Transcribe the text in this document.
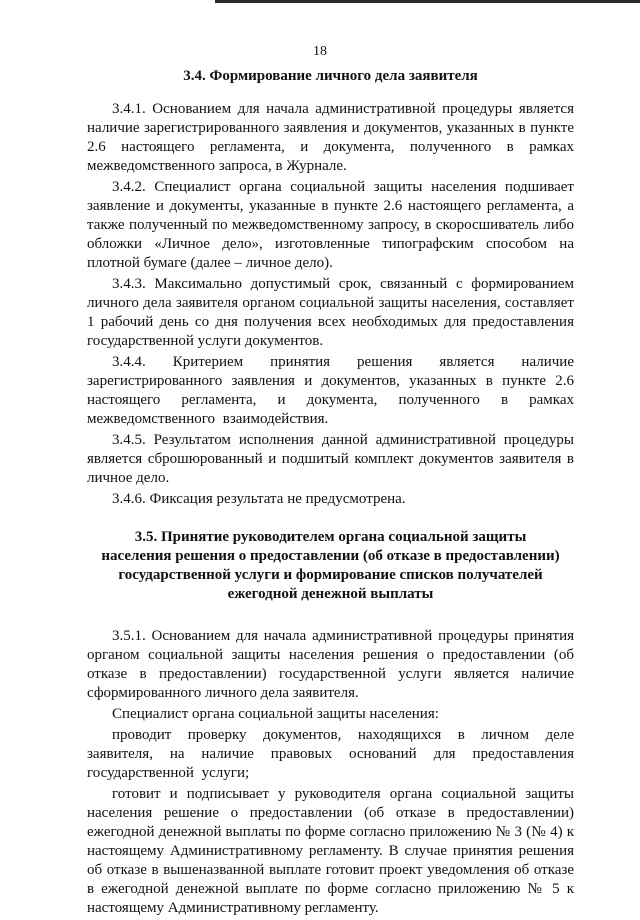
18
3.4. Формирование личного дела заявителя

3.4.1. Основанием для начала административной процедуры является наличие зарегистрированного заявления и документов, указанных в пункте 2.6 настоящего регламента, и документа, полученного в рамках межведомственного запроса, в Журнале.

3.4.2. Специалист органа социальной защиты населения подшивает заявление и документы, указанные в пункте 2.6 настоящего регламента, а также полученный по межведомственному запросу, в скоросшиватель либо обложки «Личное дело», изготовленные типографским способом на плотной бумаге (далее – личное дело).

3.4.3. Максимально допустимый срок, связанный с формированием личного дела заявителя органом социальной защиты населения, составляет 1 рабочий день со дня получения всех необходимых для предоставления государственной услуги документов.

3.4.4. Критерием принятия решения является наличие зарегистрированного заявления и документов, указанных в пункте 2.6 настоящего регламента, и документа, полученного в рамках межведомственного взаимодействия.

3.4.5. Результатом исполнения данной административной процедуры является сброшюрованный и подшитый комплект документов заявителя в личное дело.

3.4.6. Фиксация результата не предусмотрена.

3.5. Принятие руководителем органа социальной защиты
населения решения о предоставлении (об отказе в предоставлении)
государственной услуги и формирование списков получателей
ежегодной денежной выплаты

3.5.1. Основанием для начала административной процедуры принятия органом социальной защиты населения решения о предоставлении (об отказе в предоставлении) государственной услуги является наличие сформированного личного дела заявителя.

Специалист органа социальной защиты населения:

проводит проверку документов, находящихся в личном деле заявителя, на наличие правовых оснований для предоставления государственной услуги;

готовит и подписывает у руководителя органа социальной защиты населения решение о предоставлении (об отказе в предоставлении) ежегодной денежной выплаты по форме согласно приложению № 3 (№ 4) к настоящему Административному регламенту. В случае принятия решения об отказе в вышеназванной выплате готовит проект уведомления об отказе в ежегодной денежной выплате по форме согласно приложению № 5 к настоящему Административному регламенту.
